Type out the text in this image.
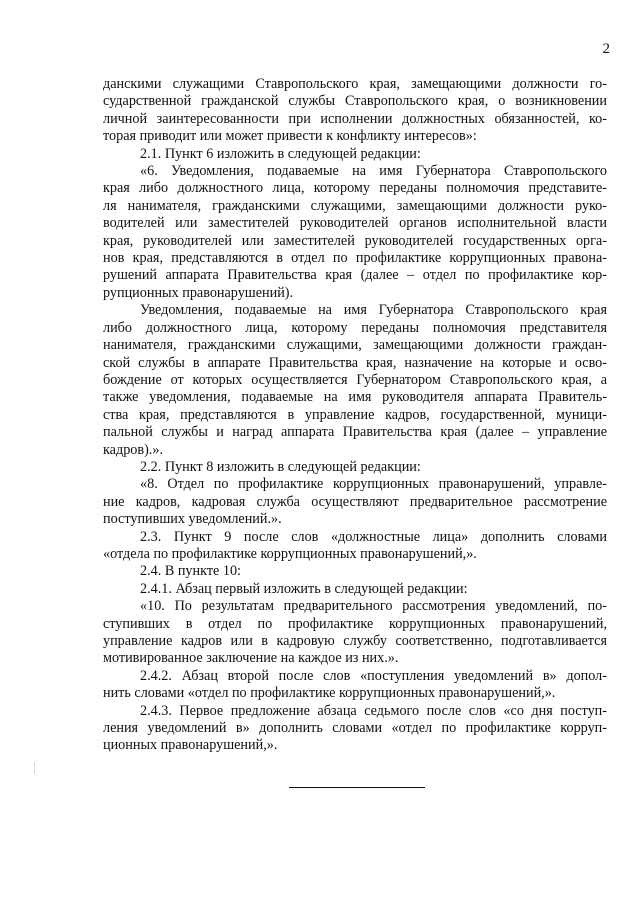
2
данскими служащими Ставропольского края, замещающими должности го-
сударственной гражданской службы Ставропольского края, о возникновении
личной заинтересованности при исполнении должностных обязанностей, ко-
торая приводит или может привести к конфликту интересов»:
2.1. Пункт 6 изложить в следующей редакции:
«6. Уведомления, подаваемые на имя Губернатора Ставропольского
края либо должностного лица, которому переданы полномочия представите-
ля нанимателя, гражданскими служащими, замещающими должности руко-
водителей или заместителей руководителей органов исполнительной власти
края, руководителей или заместителей руководителей государственных орга-
нов края, представляются в отдел по профилактике коррупционных правона-
рушений аппарата Правительства края (далее – отдел по профилактике кор-
рупционных правонарушений).
Уведомления, подаваемые на имя Губернатора Ставропольского края
либо должностного лица, которому переданы полномочия представителя
нанимателя, гражданскими служащими, замещающими должности граждан-
ской службы в аппарате Правительства края, назначение на которые и осво-
бождение от которых осуществляется Губернатором Ставропольского края, а
также уведомления, подаваемые на имя руководителя аппарата Правитель-
ства края, представляются в управление кадров, государственной, муници-
пальной службы и наград аппарата Правительства края (далее – управление
кадров).».
2.2. Пункт 8 изложить в следующей редакции:
«8. Отдел по профилактике коррупционных правонарушений, управле-
ние кадров, кадровая служба осуществляют предварительное рассмотрение
поступивших уведомлений.».
2.3. Пункт 9 после слов «должностные лица» дополнить словами
«отдела по профилактике коррупционных правонарушений,».
2.4. В пункте 10:
2.4.1. Абзац первый изложить в следующей редакции:
«10. По результатам предварительного рассмотрения уведомлений, по-
ступивших в отдел по профилактике коррупционных правонарушений,
управление кадров или в кадровую службу соответственно, подготавливается
мотивированное заключение на каждое из них.».
2.4.2. Абзац второй после слов «поступления уведомлений в» допол-
нить словами «отдел по профилактике коррупционных правонарушений,».
2.4.3. Первое предложение абзаца седьмого после слов «со дня поступ-
ления уведомлений в» дополнить словами «отдел по профилактике корруп-
ционных правонарушений,».
